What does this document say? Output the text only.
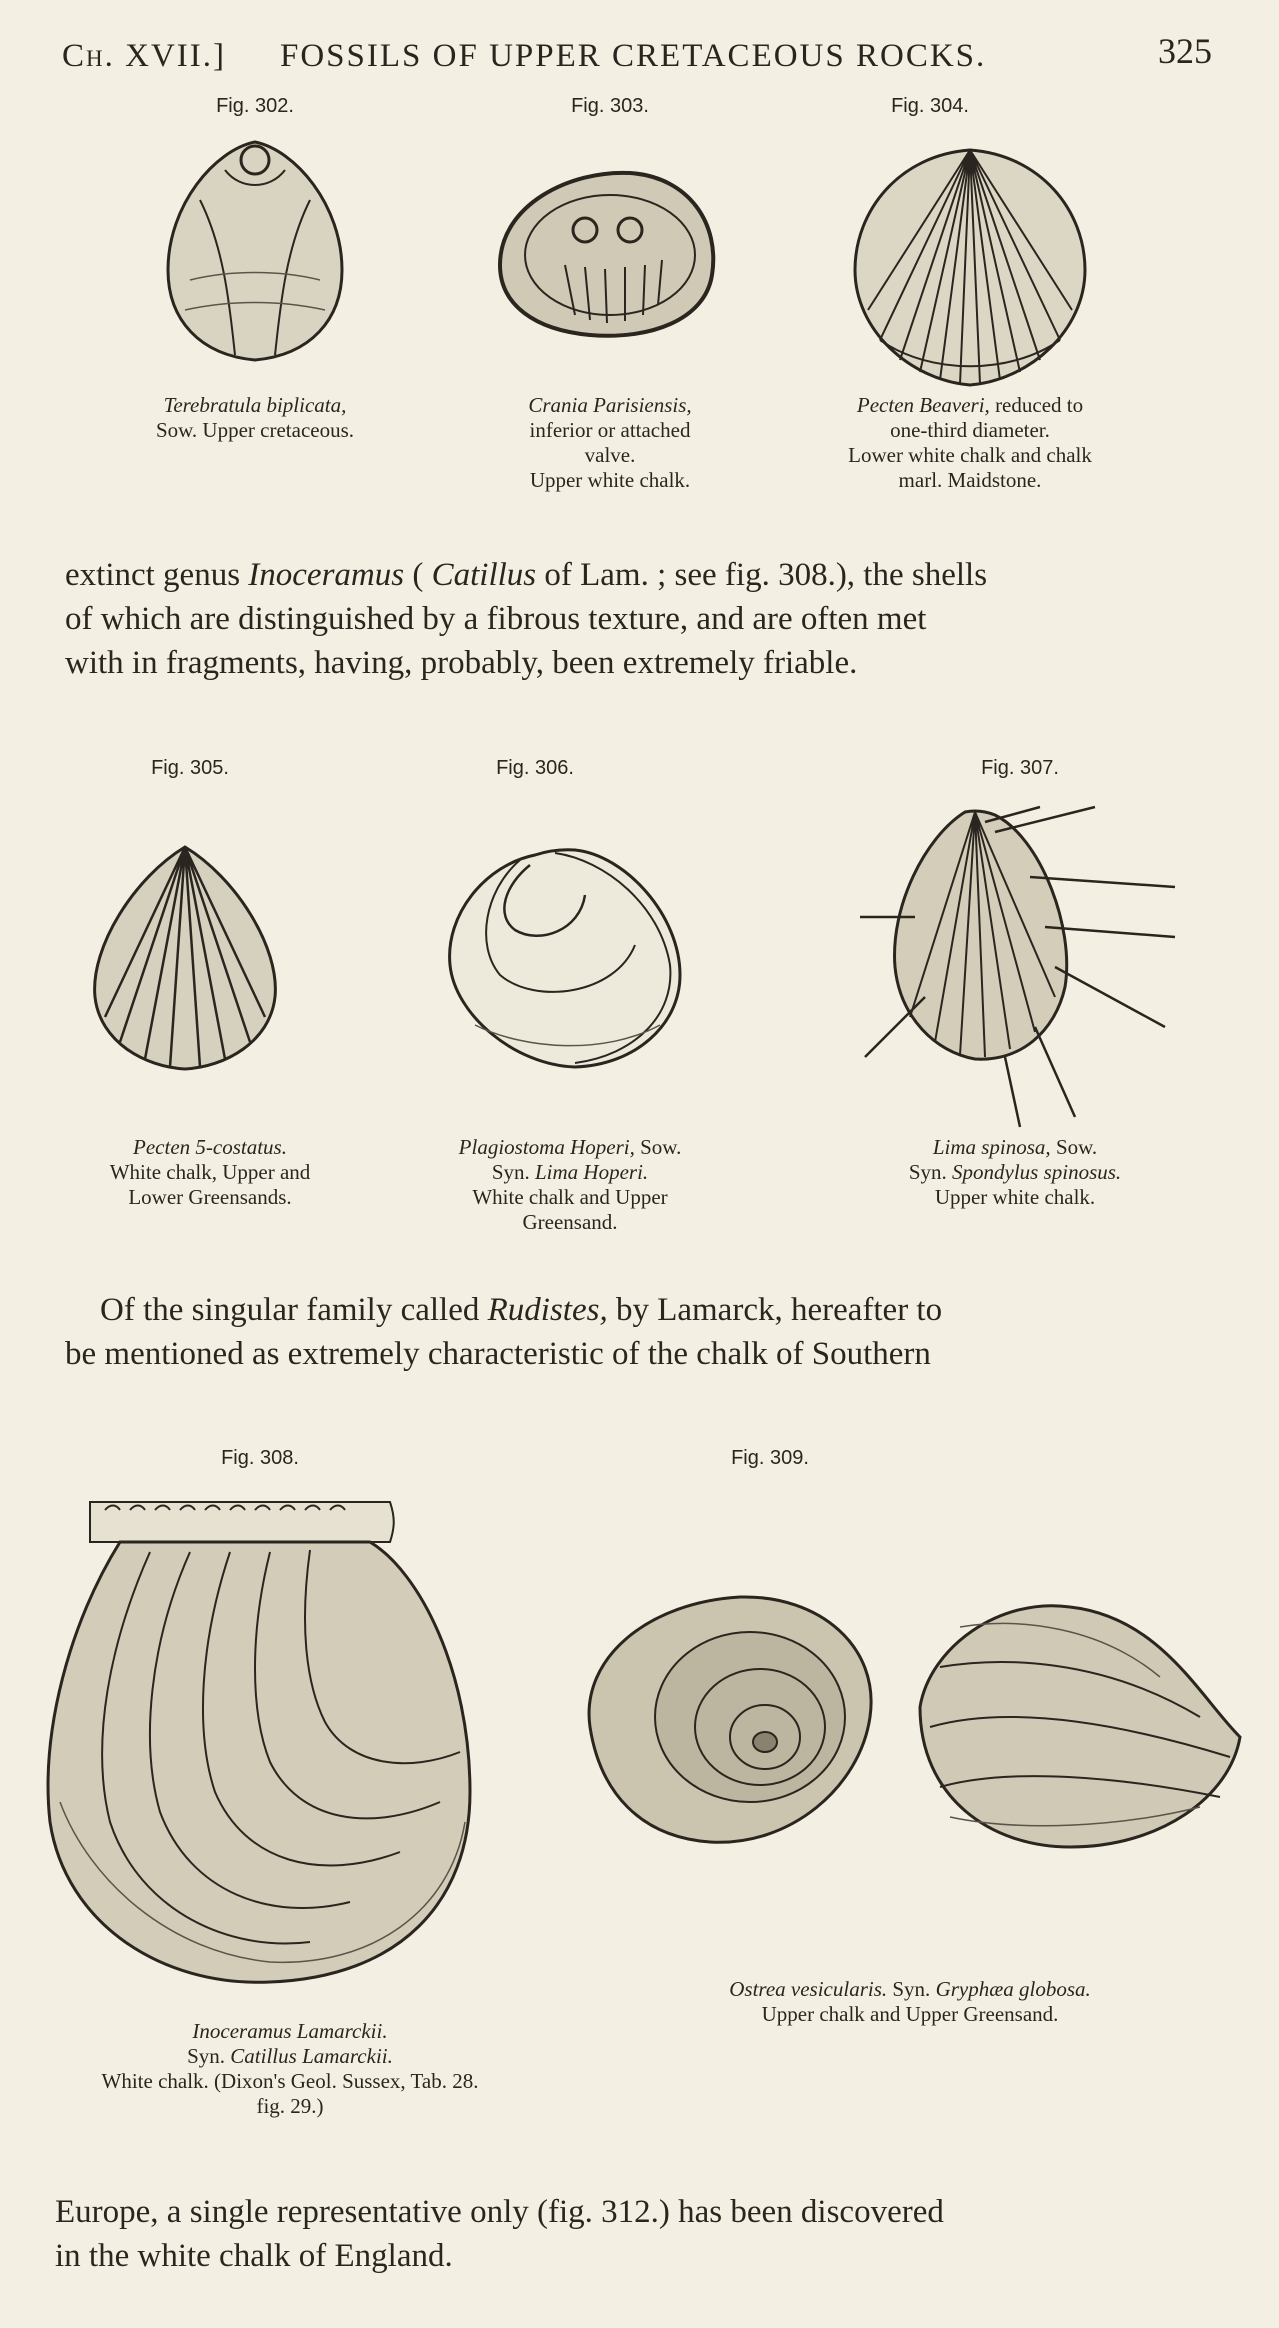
Ch. XVII.] FOSSILS OF UPPER CRETACEOUS ROCKS.	325
Fig. 302.
Terebratula biplicata,
Sow. Upper cretaceous.
Fig. 303.
Crania Parisiensis,
inferior or attached
valve.
Upper white chalk.
Fig. 304.
Pecten Beaveri, reduced to
one-third diameter.
Lower white chalk and chalk
marl. Maidstone.
extinct genus Inoceramus ( Catillus of Lam. ; see fig. 308.), the shells
of which are distinguished by a fibrous texture, and are often met
with in fragments, having, probably, been extremely friable.
Fig. 305.
Pecten 5-costatus.
White chalk, Upper and
Lower Greensands.
Fig. 306.
Plagiostoma Hoperi, Sow.
Syn. Lima Hoperi.
White chalk and Upper
Greensand.
Fig. 307.
Lima spinosa, Sow.
Syn. Spondylus spinosus.
Upper white chalk.
Of the singular family called Rudistes, by Lamarck, hereafter to
be mentioned as extremely characteristic of the chalk of Southern
Fig. 308.
Inoceramus Lamarckii.
Syn. Catillus Lamarckii.
White chalk. (Dixon's Geol. Sussex, Tab. 28.
fig. 29.)
Fig. 309.
Ostrea vesicularis. Syn. Gryphæa globosa.
Upper chalk and Upper Greensand.
Europe, a single representative only (fig. 312.) has been discovered
in the white chalk of England.
